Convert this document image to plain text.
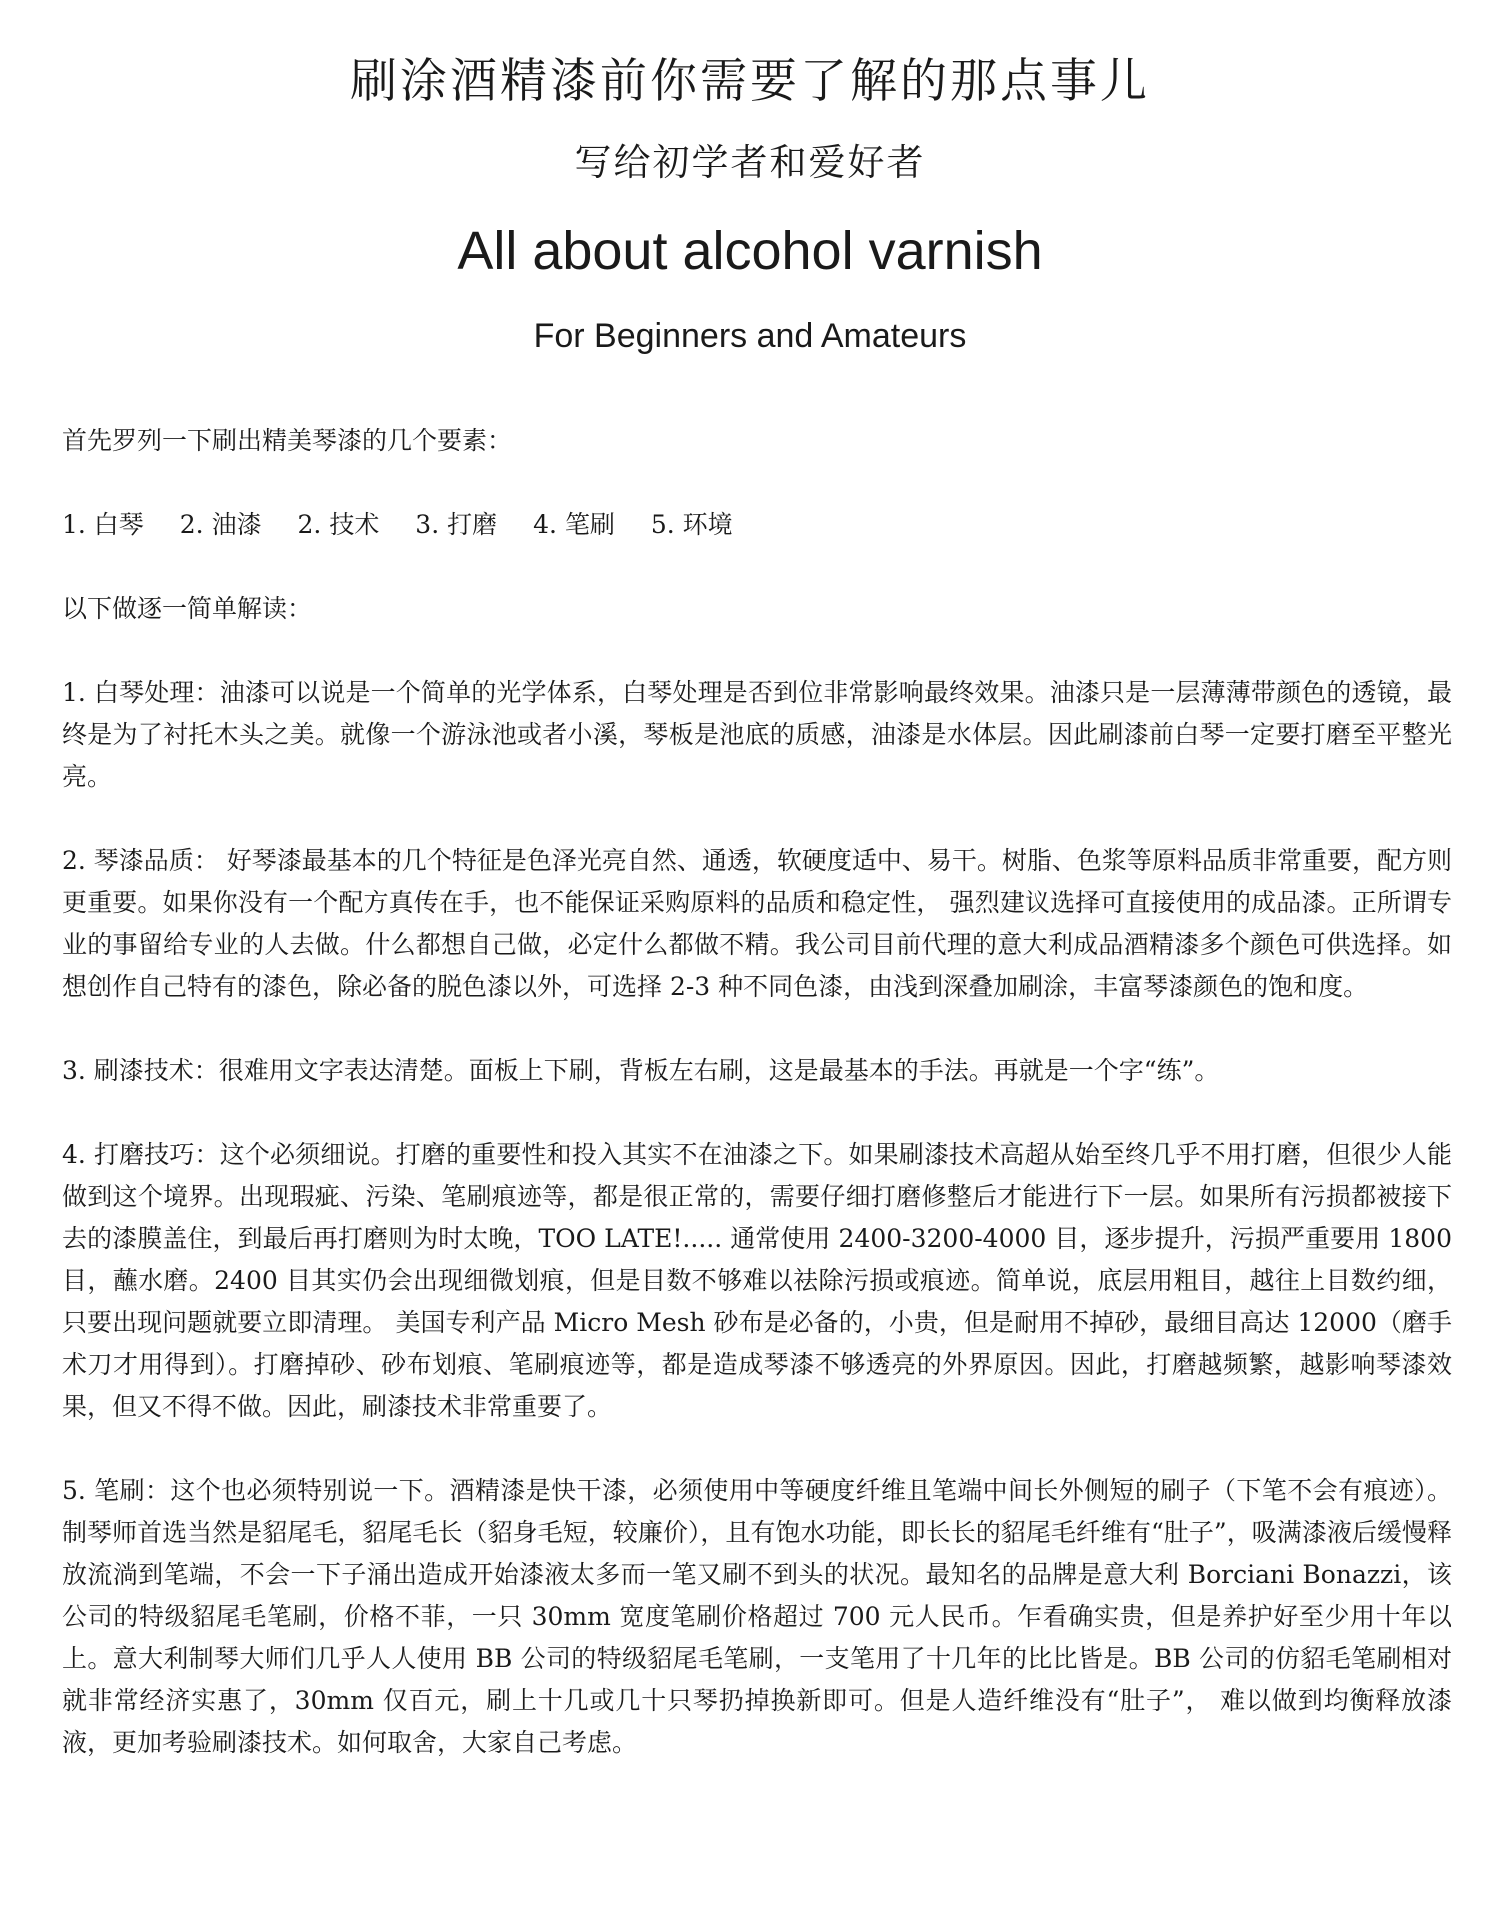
刷涂酒精漆前你需要了解的那点事儿
写给初学者和爱好者
All about alcohol varnish
For Beginners and Amateurs

首先罗列一下刷出精美琴漆的几个要素：

1. 白琴 2. 油漆 2. 技术 3. 打磨 4. 笔刷 5. 环境

以下做逐一简单解读：

1. 白琴处理：油漆可以说是一个简单的光学体系，白琴处理是否到位非常影响最终效果。油漆只是一层薄薄带颜色的透镜，最终是为了衬托木头之美。就像一个游泳池或者小溪，琴板是池底的质感，油漆是水体层。因此刷漆前白琴一定要打磨至平整光亮。

2. 琴漆品质： 好琴漆最基本的几个特征是色泽光亮自然、通透，软硬度适中、易干。树脂、色浆等原料品质非常重要，配方则更重要。如果你没有一个配方真传在手，也不能保证采购原料的品质和稳定性， 强烈建议选择可直接使用的成品漆。正所谓专业的事留给专业的人去做。什么都想自己做，必定什么都做不精。我公司目前代理的意大利成品酒精漆多个颜色可供选择。如想创作自己特有的漆色，除必备的脱色漆以外，可选择 2-3 种不同色漆，由浅到深叠加刷涂，丰富琴漆颜色的饱和度。

3. 刷漆技术：很难用文字表达清楚。面板上下刷，背板左右刷，这是最基本的手法。再就是一个字“练”。

4. 打磨技巧：这个必须细说。打磨的重要性和投入其实不在油漆之下。如果刷漆技术高超从始至终几乎不用打磨，但很少人能做到这个境界。出现瑕疵、污染、笔刷痕迹等，都是很正常的，需要仔细打磨修整后才能进行下一层。如果所有污损都被接下去的漆膜盖住，到最后再打磨则为时太晚，TOO LATE!..... 通常使用 2400-3200-4000 目，逐步提升，污损严重要用 1800 目，蘸水磨。2400 目其实仍会出现细微划痕，但是目数不够难以祛除污损或痕迹。简单说，底层用粗目，越往上目数约细，只要出现问题就要立即清理。 美国专利产品 Micro Mesh 砂布是必备的，小贵，但是耐用不掉砂，最细目高达 12000（磨手术刀才用得到）。打磨掉砂、砂布划痕、笔刷痕迹等，都是造成琴漆不够透亮的外界原因。因此，打磨越频繁，越影响琴漆效果，但又不得不做。因此，刷漆技术非常重要了。

5. 笔刷：这个也必须特别说一下。酒精漆是快干漆，必须使用中等硬度纤维且笔端中间长外侧短的刷子（下笔不会有痕迹）。制琴师首选当然是貂尾毛，貂尾毛长（貂身毛短，较廉价），且有饱水功能，即长长的貂尾毛纤维有“肚子”，吸满漆液后缓慢释放流淌到笔端，不会一下子涌出造成开始漆液太多而一笔又刷不到头的状况。最知名的品牌是意大利 Borciani Bonazzi，该公司的特级貂尾毛笔刷，价格不菲，一只 30mm 宽度笔刷价格超过 700 元人民币。乍看确实贵，但是养护好至少用十年以上。意大利制琴大师们几乎人人使用 BB 公司的特级貂尾毛笔刷，一支笔用了十几年的比比皆是。BB 公司的仿貂毛笔刷相对就非常经济实惠了，30mm 仅百元，刷上十几或几十只琴扔掉换新即可。但是人造纤维没有“肚子”， 难以做到均衡释放漆液，更加考验刷漆技术。如何取舍，大家自己考虑。
